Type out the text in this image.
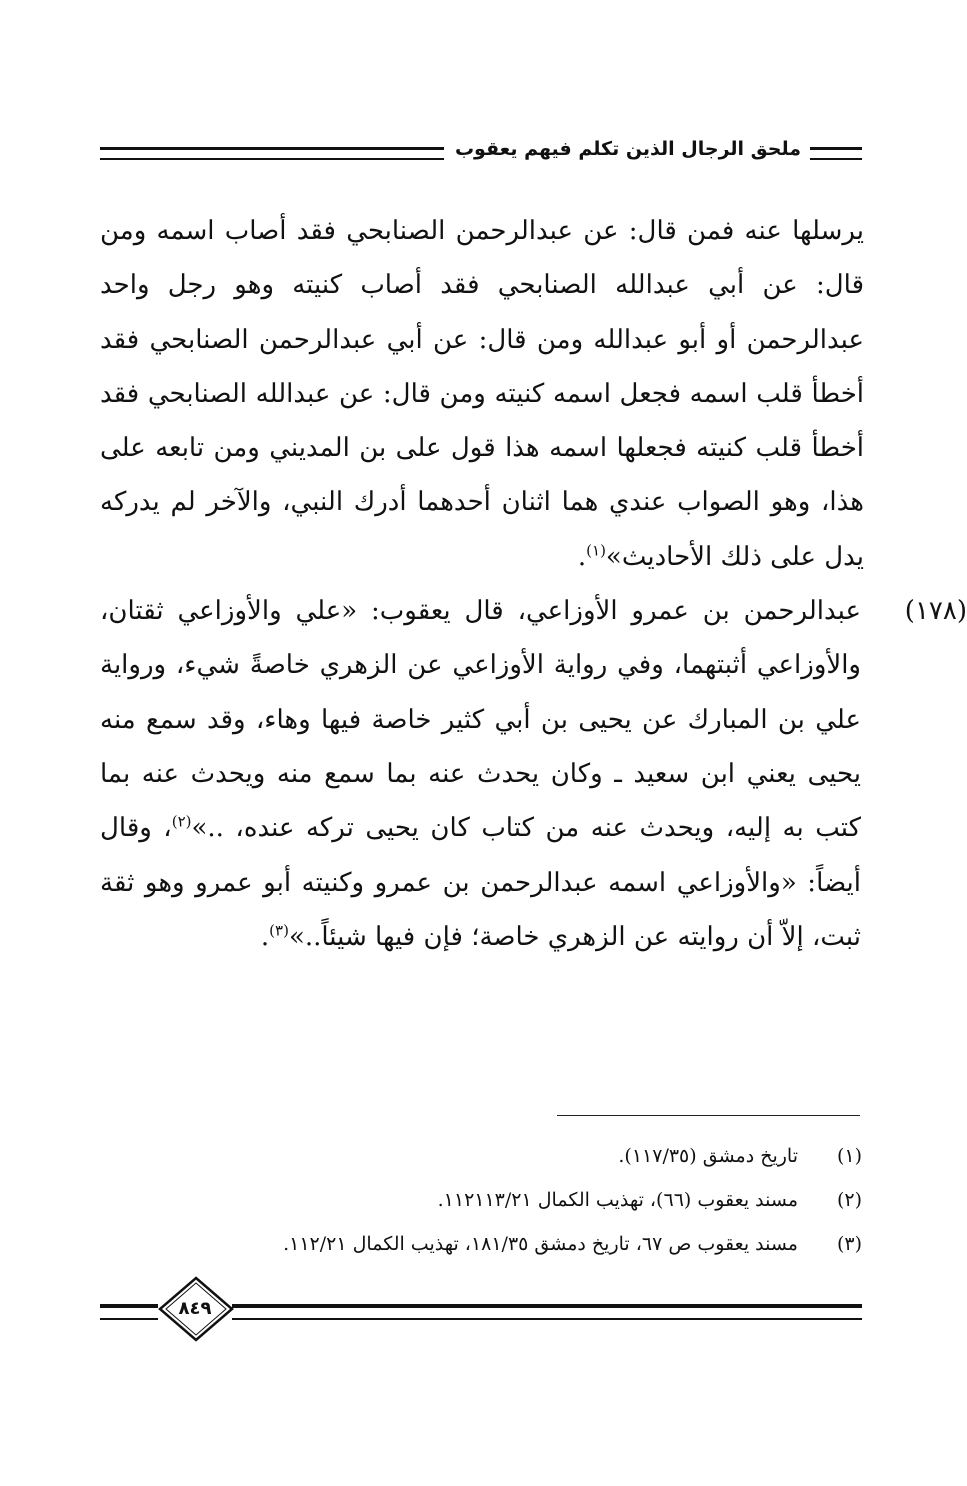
ملحق الرجال الذين تكلم فيهم يعقوب
يرسلها عنه فمن قال: عن عبدالرحمن الصنابحي فقد أصاب اسمه ومن قال: عن أبي عبدالله الصنابحي فقد أصاب كنيته وهو رجل واحد عبدالرحمن أو أبو عبدالله ومن قال: عن أبي عبدالرحمن الصنابحي فقد أخطأ قلب اسمه فجعل اسمه كنيته ومن قال: عن عبدالله الصنابحي فقد أخطأ قلب كنيته فجعلها اسمه هذا قول على بن المديني ومن تابعه على هذا، وهو الصواب عندي هما اثنان أحدهما أدرك النبي، والآخر لم يدركه يدل على ذلك الأحاديث»$^{(١)}$.
(١٧٨)
عبدالرحمن بن عمرو الأوزاعي، قال يعقوب: «علي والأوزاعي ثقتان، والأوزاعي أثبتهما، وفي رواية الأوزاعي عن الزهري خاصةً شيء، ورواية علي بن المبارك عن يحيى بن أبي كثير خاصة فيها وهاء، وقد سمع منه يحيى يعني ابن سعيد ـ وكان يحدث عنه بما سمع منه ويحدث عنه بما كتب به إليه، ويحدث عنه من كتاب كان يحيى تركه عنده، ..»$^{(٢)}$، وقال أيضاً: «والأوزاعي اسمه عبدالرحمن بن عمرو وكنيته أبو عمرو وهو ثقة ثبت، إلاّ أن روايته عن الزهري خاصة؛ فإن فيها شيئاً..»$^{(٣)}$.
(١)
تاريخ دمشق (١١٧/٣٥).
(٢)
مسند يعقوب (٦٦)، تهذيب الكمال ١١٢١١٣/٢١.
(٣)
مسند يعقوب ص ٦٧، تاريخ دمشق ١٨١/٣٥، تهذيب الكمال ١١٢/٢١.
٨٤٩
